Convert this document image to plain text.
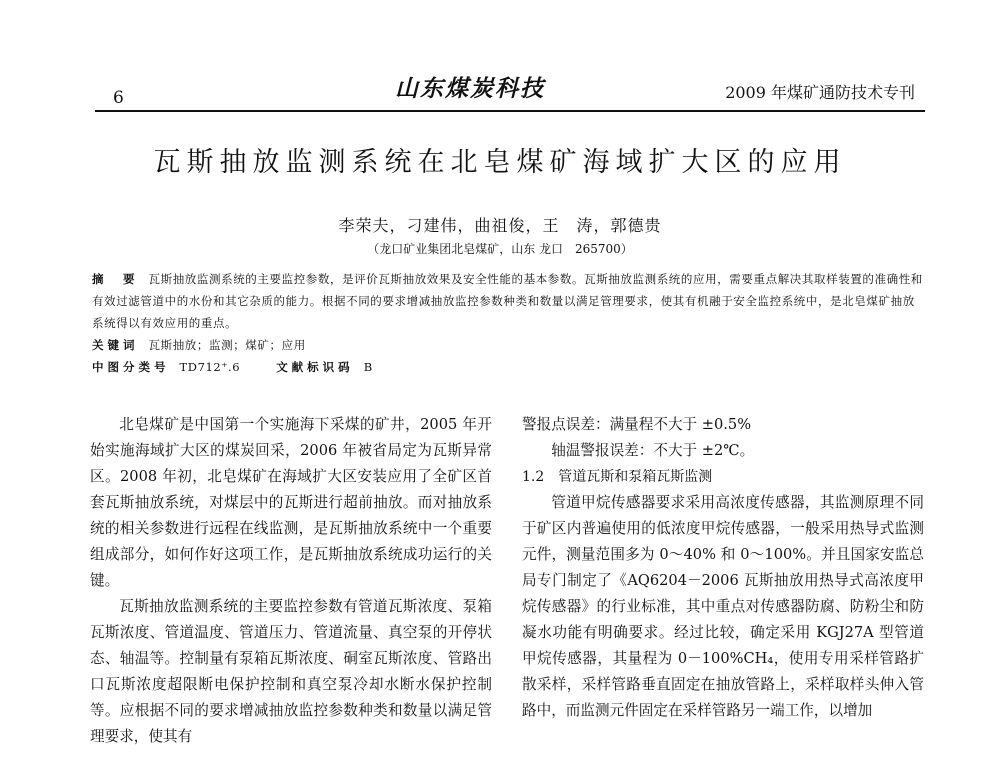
6	山东煤炭科技	2009 年煤矿通防技术专刊
瓦斯抽放监测系统在北皂煤矿海域扩大区的应用
李荣夫，刁建伟，曲祖俊，王　涛，郭德贵
（龙口矿业集团北皂煤矿，山东 龙口　265700）
摘　要 瓦斯抽放监测系统的主要监控参数，是评价瓦斯抽放效果及安全性能的基本参数。瓦斯抽放监测系统的应用，需要重点解决其取样装置的准确性和有效过滤管道中的水份和其它杂质的能力。根据不同的要求增减抽放监控参数种类和数量以满足管理要求，使其有机融于安全监控系统中，是北皂煤矿抽放系统得以有效应用的重点。
关键词 瓦斯抽放；监测；煤矿；应用
中图分类号 TD712⁺.6	文献标识码 B

北皂煤矿是中国第一个实施海下采煤的矿井，2005 年开始实施海域扩大区的煤炭回采，2006 年被省局定为瓦斯异常区。2008 年初，北皂煤矿在海域扩大区安装应用了全矿区首套瓦斯抽放系统，对煤层中的瓦斯进行超前抽放。而对抽放系统的相关参数进行远程在线监测，是瓦斯抽放系统中一个重要组成部分，如何作好这项工作，是瓦斯抽放系统成功运行的关键。

瓦斯抽放监测系统的主要监控参数有管道瓦斯浓度、泵箱瓦斯浓度、管道温度、管道压力、管道流量、真空泵的开停状态、轴温等。控制量有泵箱瓦斯浓度、硐室瓦斯浓度、管路出口瓦斯浓度超限断电保护控制和真空泵冷却水断水保护控制等。应根据不同的要求增减抽放监控参数种类和数量以满足管理要求，使其有

警报点误差：满量程不大于 ±0.5%

轴温警报误差：不大于 ±2℃。

1.2 管道瓦斯和泵箱瓦斯监测

管道甲烷传感器要求采用高浓度传感器，其监测原理不同于矿区内普遍使用的低浓度甲烷传感器，一般采用热导式监测元件，测量范围多为 0～40% 和 0～100%。并且国家安监总局专门制定了《AQ6204－2006 瓦斯抽放用热导式高浓度甲烷传感器》的行业标准，其中重点对传感器防腐、防粉尘和防凝水功能有明确要求。经过比较，确定采用 KGJ27A 型管道甲烷传感器，其量程为 0－100%CH₄，使用专用采样管路扩散采样，采样管路垂直固定在抽放管路上，采样取样头伸入管路中，而监测元件固定在采样管路另一端工作，以增加
